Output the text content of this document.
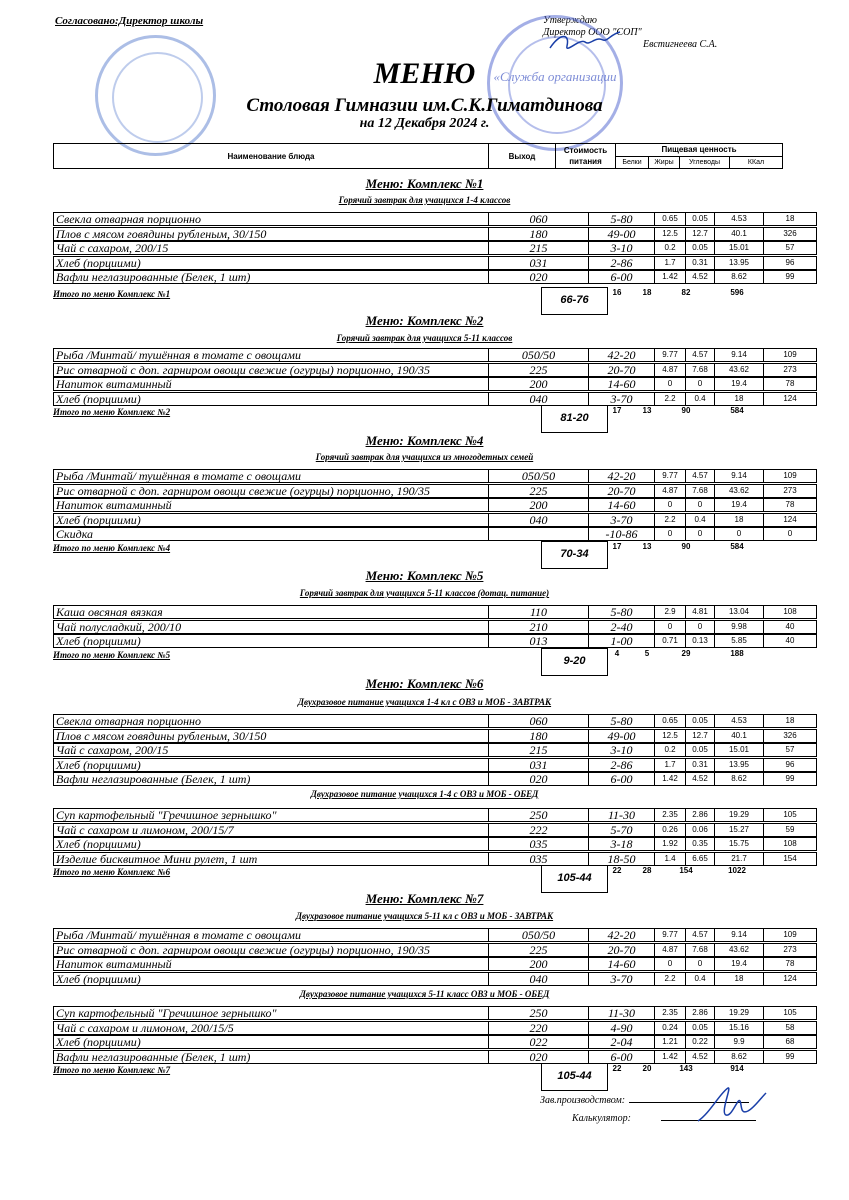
Согласовано:Директор школы	Утверждаю
Директор ООО "СОП"
Евстигнеева С.А.
«Служба организации
МЕНЮ
Столовая Гимназии им.С.К.Гиматдинова
на 12 Декабря 2024 г.
Наименование блюда	Выход	Стоимость питания	Пищевая ценность			
			Белки	Жиры	Углеводы	ККал
Меню: Комплекс №1
Горячий завтрак для учащихся 1-4 классов
Свекла отварная порционно	060	5-80	0.65	0.05	4.53	18
Плов с мясом говядины рубленым, 30/150	180	49-00	12.5	12.7	40.1	326
Чай с сахаром, 200/15	215	3-10	0.2	0.05	15.01	57
Хлеб (порциими)	031	2-86	1.7	0.31	13.95	96
Вафли неглазированные (Белек, 1 шт)	020	6-00	1.42	4.52	8.62	99
Итого по меню Комплекс №1	66-76
16	18	82	596
Меню: Комплекс №2
Горячий завтрак для учащихся 5-11 классов
Рыба /Минтай/ тушённая в томате с овощами	050/50	42-20	9.77	4.57	9.14	109
Рис отварной с доп. гарниром овощи свежие (огурцы) порционно, 190/35	225	20-70	4.87	7.68	43.62	273
Напиток витаминный	200	14-60	0	0	19.4	78
Хлеб (порциими)	040	3-70	2.2	0.4	18	124
Итого по меню Комплекс №2	81-20
17	13	90	584
Меню: Комплекс №4
Горячий завтрак для учащихся из многодетных семей
Рыба /Минтай/ тушённая в томате с овощами	050/50	42-20	9.77	4.57	9.14	109
Рис отварной с доп. гарниром овощи свежие (огурцы) порционно, 190/35	225	20-70	4.87	7.68	43.62	273
Напиток витаминный	200	14-60	0	0	19.4	78
Хлеб (порциими)	040	3-70	2.2	0.4	18	124
Скидка	-10-86	0	0	0	0
Итого по меню Комплекс №4	70-34
17	13	90	584
Меню: Комплекс №5
Горячий завтрак для учащихся 5-11 классов (дотац. питание)
Каша овсяная вязкая	110	5-80	2.9	4.81	13.04	108
Чай полусладкий, 200/10	210	2-40	0	0	9.98	40
Хлеб (порциими)	013	1-00	0.71	0.13	5.85	40
Итого по меню Комплекс №5	9-20
4	5	29	188
Меню: Комплекс №6
Двухразовое питание учащихся 1-4 кл с ОВЗ и МОБ - ЗАВТРАК
Свекла отварная порционно	060	5-80	0.65	0.05	4.53	18
Плов с мясом говядины рубленым, 30/150	180	49-00	12.5	12.7	40.1	326
Чай с сахаром, 200/15	215	3-10	0.2	0.05	15.01	57
Хлеб (порциими)	031	2-86	1.7	0.31	13.95	96
Вафли неглазированные (Белек, 1 шт)	020	6-00	1.42	4.52	8.62	99
Двухразовое питание учащихся 1-4 с ОВЗ и МОБ - ОБЕД
Суп картофельный "Гречишное зернышко"	250	11-30	2.35	2.86	19.29	105
Чай с сахаром и лимоном, 200/15/7	222	5-70	0.26	0.06	15.27	59
Хлеб (порциими)	035	3-18	1.92	0.35	15.75	108
Изделие бисквитное Мини рулет, 1 шт	035	18-50	1.4	6.65	21.7	154
Итого по меню Комплекс №6	105-44
22	28	154	1022
Меню: Комплекс №7
Двухразовое питание учащихся 5-11 кл с ОВЗ и МОБ - ЗАВТРАК
Рыба /Минтай/ тушённая в томате с овощами	050/50	42-20	9.77	4.57	9.14	109
Рис отварной с доп. гарниром овощи свежие (огурцы) порционно, 190/35	225	20-70	4.87	7.68	43.62	273
Напиток витаминный	200	14-60	0	0	19.4	78
Хлеб (порциими)	040	3-70	2.2	0.4	18	124
Двухразовое питание учащихся 5-11 класс ОВЗ и МОБ - ОБЕД
Суп картофельный "Гречишное зернышко"	250	11-30	2.35	2.86	19.29	105
Чай с сахаром и лимоном, 200/15/5	220	4-90	0.24	0.05	15.16	58
Хлеб (порциими)	022	2-04	1.21	0.22	9.9	68
Вафли неглазированные (Белек, 1 шт)	020	6-00	1.42	4.52	8.62	99
Итого по меню Комплекс №7	105-44
22	20	143	914
Зав.производством:
Калькулятор:
